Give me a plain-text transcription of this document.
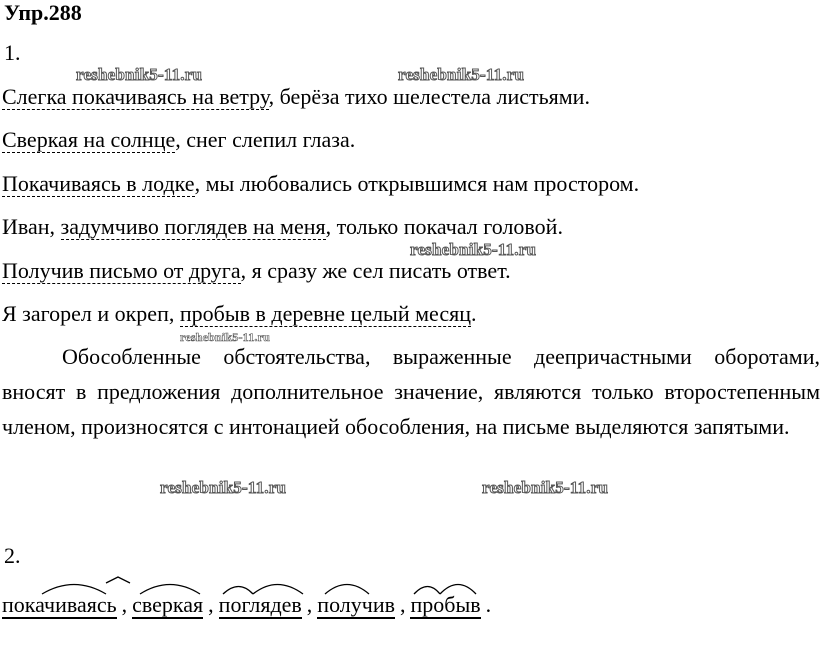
Упр.288
1.
Слегка покачиваясь на ветру, берёза тихо шелестела листьями.
Сверкая на солнце, снег слепил глаза.
Покачиваясь в лодке, мы любовались открывшимся нам простором.
Иван, задумчиво поглядев на меня, только покачал головой.
Получив письмо от друга, я сразу же сел писать ответ.
Я загорел и окреп, пробыв в деревне целый месяц.
Обособленные обстоятельства, выраженные деепричастными оборотами, вносят в предложения дополнительное значение, являются только второстепенным членом, произносятся с интонацией обособления, на письме выделяются запятыми.
2.
покачиваясь , сверкая , поглядев , получив , пробыв .
reshebnik5-11.ru	reshebnik5-11.ru
reshebnik5-11.ru
reshebnik5-11.ru
reshebnik5-11.ru	reshebnik5-11.ru
